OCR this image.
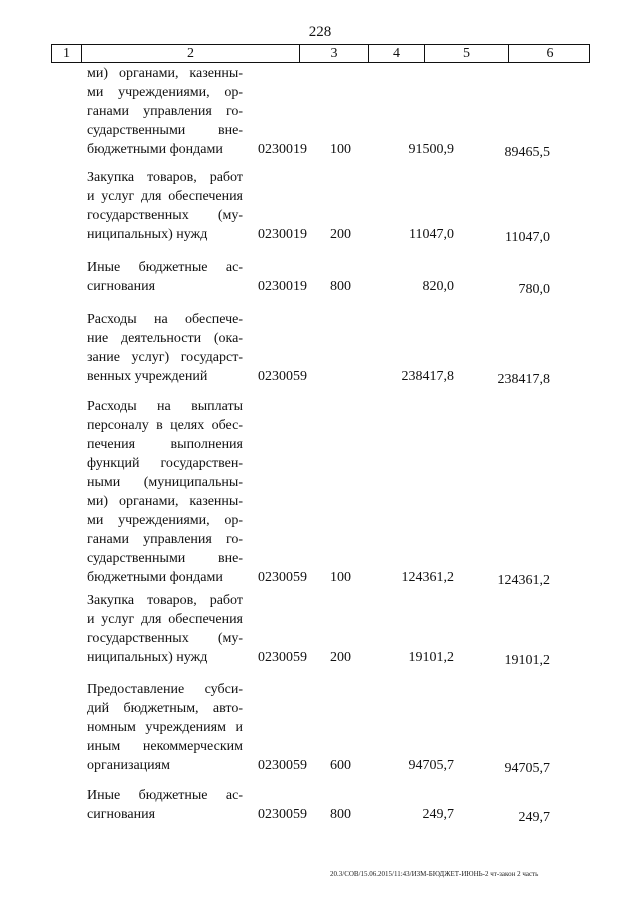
228
1	2	3	4	5	6
ми) органами, казенны-
ми учреждениями, ор-
ганами управления го-
сударственными вне-
бюджетными фондами	0230019 100	91500,9	89465,5
Закупка товаров, работ
и услуг для обеспечения
государственных (му-
ниципальных) нужд	0230019 200	11047,0	11047,0
Иные бюджетные ас-
сигнования	0230019 800	820,0	780,0
Расходы на обеспече-
ние деятельности (ока-
зание услуг) государст-
венных учреждений	0230059	238417,8	238417,8
Расходы на выплаты
персоналу в целях обес-
печения выполнения
функций государствен-
ными (муниципальны-
ми) органами, казенны-
ми учреждениями, ор-
ганами управления го-
сударственными вне-
бюджетными фондами	0230059 100	124361,2	124361,2
Закупка товаров, работ
и услуг для обеспечения
государственных (му-
ниципальных) нужд	0230059 200	19101,2	19101,2
Предоставление субси-
дий бюджетным, авто-
номным учреждениям и
иным некоммерческим
организациям	0230059 600	94705,7	94705,7
Иные бюджетные ас-
сигнования	0230059 800	249,7	249,7
20.3/СОВ/15.06.2015/11:43/ИЗМ-БЮДЖЕТ-ИЮНЬ-2 чт-закон 2 часть
